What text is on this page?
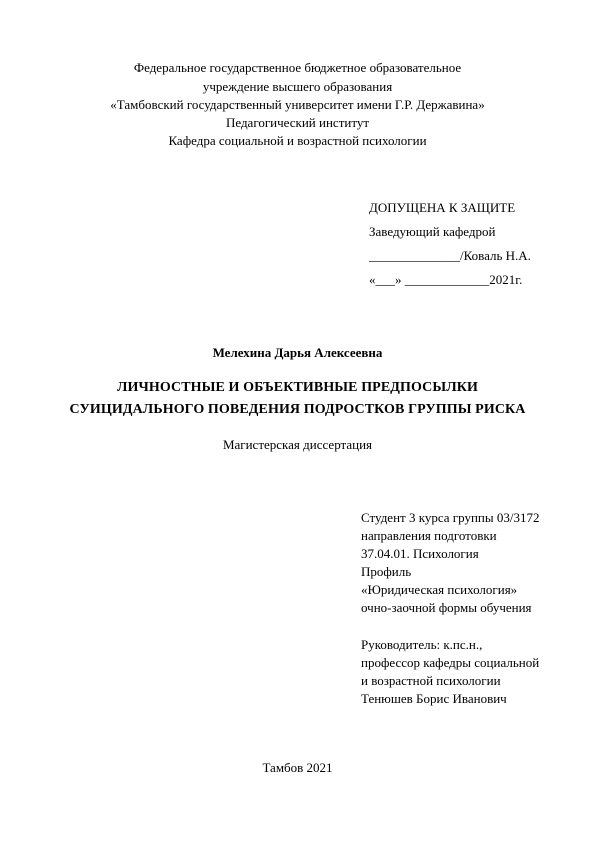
Федеральное государственное бюджетное образовательное
учреждение высшего образования
«Тамбовский государственный университет имени Г.Р. Державина»
Педагогический институт
Кафедра социальной и возрастной психологии
ДОПУЩЕНА К ЗАЩИТЕ
Заведующий кафедрой
______________/Коваль Н.А.
«___» _____________2021г.
Мелехина Дарья Алексеевна
ЛИЧНОСТНЫЕ И ОБЪЕКТИВНЫЕ ПРЕДПОСЫЛКИ
СУИЦИДАЛЬНОГО ПОВЕДЕНИЯ ПОДРОСТКОВ ГРУППЫ РИСКА
Магистерская диссертация
Студент 3 курса группы 03/3172
направления подготовки
37.04.01. Психология
Профиль
«Юридическая психология»
очно-заочной формы обучения
Руководитель: к.пс.н.,
профессор кафедры социальной
и возрастной психологии
Тенюшев Борис Иванович
Тамбов 2021
